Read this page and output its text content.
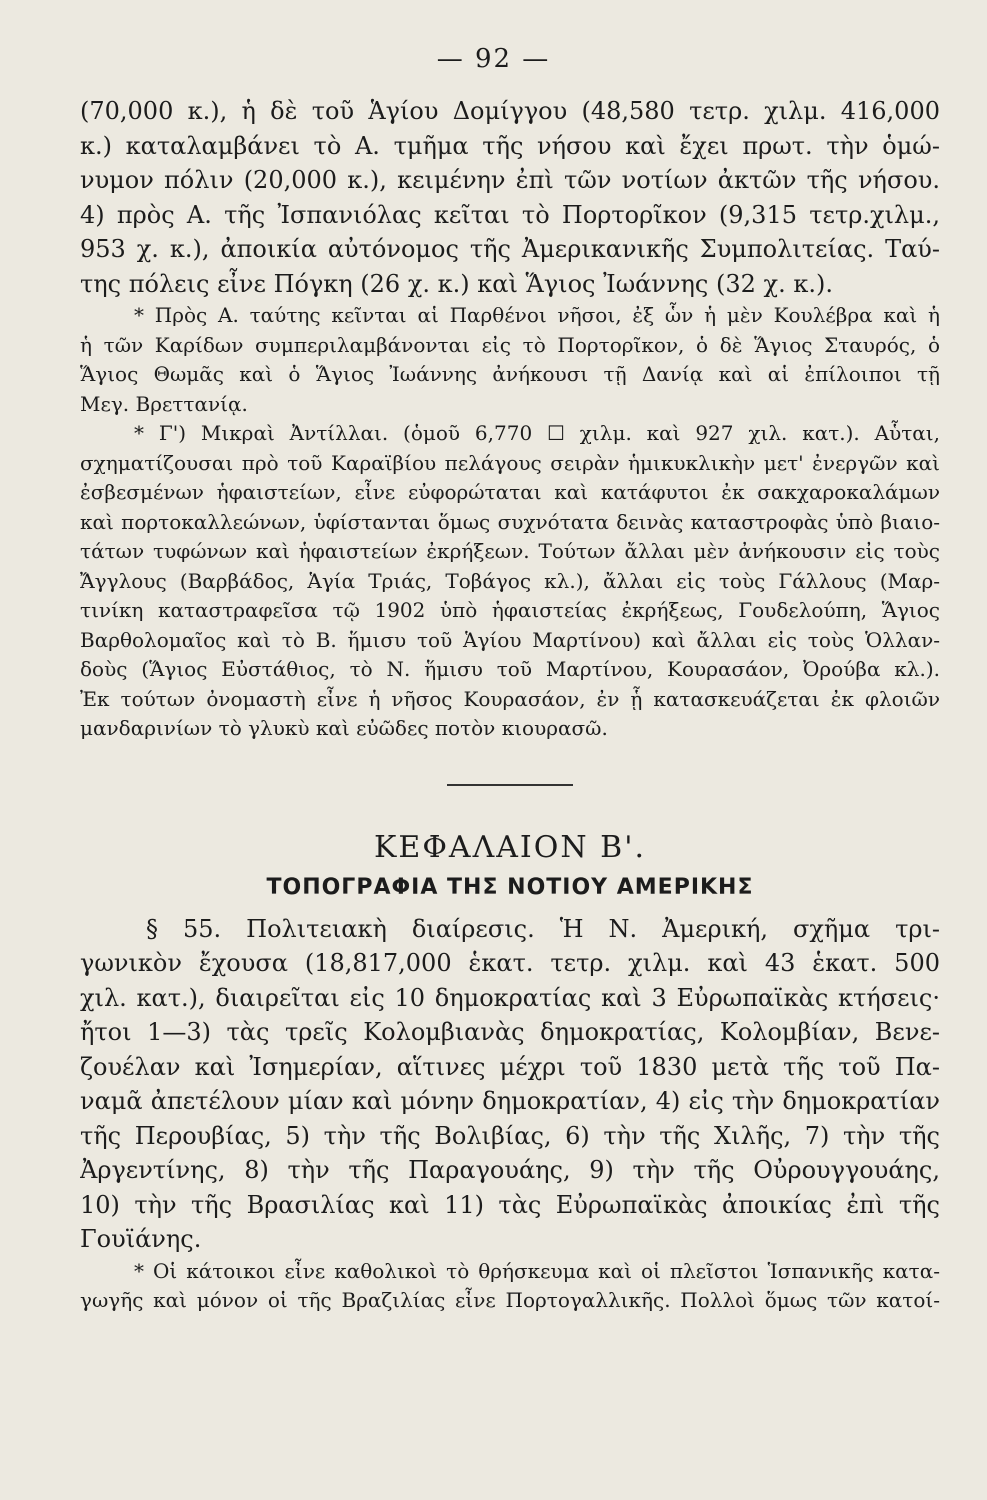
— 92 —
(70,000 κ.), ἡ δὲ τοῦ Ἁγίου Δομίγγου (48,580 τετρ. χιλμ. 416,000
κ.) καταλαμβάνει τὸ Α. τμῆμα τῆς νήσου καὶ ἔχει πρωτ. τὴν ὁμώ-
νυμον πόλιν (20,000 κ.), κειμένην ἐπὶ τῶν νοτίων ἀκτῶν τῆς νήσου.
4) πρὸς Α. τῆς Ἰσπανιόλας κεῖται τὸ Πορτορῖκον (9,315 τετρ.χιλμ.,
953 χ. κ.), ἀποικία αὐτόνομος τῆς Ἀμερικανικῆς Συμπολιτείας. Ταύ-
της πόλεις εἶνε Πόγκη (26 χ. κ.) καὶ Ἅγιος Ἰωάννης (32 χ. κ.).
* Πρὸς Α. ταύτης κεῖνται αἱ Παρθένοι νῆσοι, ἐξ ὧν ἡ μὲν Κουλέβρα καὶ ἡ
ἡ τῶν Καρίδων συμπεριλαμβάνονται εἰς τὸ Πορτορῖκον, ὁ δὲ Ἅγιος Σταυρός, ὁ
Ἅγιος Θωμᾶς καὶ ὁ Ἅγιος Ἰωάννης ἀνήκουσι τῇ Δανίᾳ καὶ αἱ ἐπίλοιποι τῇ
Μεγ. Βρεττανίᾳ.
* Γ') Μικραὶ Ἀντίλλαι. (ὁμοῦ 6,770 ☐ χιλμ. καὶ 927 χιλ. κατ.). Αὗται,
σχηματίζουσαι πρὸ τοῦ Καραϊβίου πελάγους σειρὰν ἡμικυκλικὴν μετ' ἐνεργῶν καὶ
ἐσβεσμένων ἡφαιστείων, εἶνε εὐφορώταται καὶ κατάφυτοι ἐκ σακχαροκαλάμων
καὶ πορτοκαλλεώνων, ὑφίστανται ὅμως συχνότατα δεινὰς καταστροφὰς ὑπὸ βιαιο-
τάτων τυφώνων καὶ ἡφαιστείων ἐκρήξεων. Τούτων ἄλλαι μὲν ἀνήκουσιν εἰς τοὺς
Ἄγγλους (Βαρβάδος, Ἁγία Τριάς, Τοβάγος κλ.), ἄλλαι εἰς τοὺς Γάλλους (Μαρ-
τινίκη καταστραφεῖσα τῷ 1902 ὑπὸ ἡφαιστείας ἐκρήξεως, Γουδελούπη, Ἅγιος
Βαρθολομαῖος καὶ τὸ Β. ἥμισυ τοῦ Ἁγίου Μαρτίνου) καὶ ἄλλαι εἰς τοὺς Ὁλλαν-
δοὺς (Ἅγιος Εὐστάθιος, τὸ Ν. ἥμισυ τοῦ Μαρτίνου, Κουρασάον, Ὀρούβα κλ.).
Ἐκ τούτων ὀνομαστὴ εἶνε ἡ νῆσος Κουρασάον, ἐν ᾗ κατασκευάζεται ἐκ φλοιῶν
μανδαρινίων τὸ γλυκὺ καὶ εὐῶδες ποτὸν κιουρασῶ.
ΚΕΦΑΛΑΙΟΝ Β'.
ΤΟΠΟΓΡΑΦΙΑ ΤΗΣ ΝΟΤΙΟΥ ΑΜΕΡΙΚΗΣ
§ 55. Πολιτειακὴ διαίρεσις. Ἡ Ν. Ἀμερική, σχῆμα τρι-
γωνικὸν ἔχουσα (18,817,000 ἑκατ. τετρ. χιλμ. καὶ 43 ἑκατ. 500
χιλ. κατ.), διαιρεῖται εἰς 10 δημοκρατίας καὶ 3 Εὐρωπαϊκὰς κτήσεις·
ἤτοι 1—3) τὰς τρεῖς Κολομβιανὰς δημοκρατίας, Κολομβίαν, Βενε-
ζουέλαν καὶ Ἰσημερίαν, αἵτινες μέχρι τοῦ 1830 μετὰ τῆς τοῦ Πα-
ναμᾶ ἀπετέλουν μίαν καὶ μόνην δημοκρατίαν, 4) εἰς τὴν δημοκρατίαν
τῆς Περουβίας, 5) τὴν τῆς Βολιβίας, 6) τὴν τῆς Χιλῆς, 7) τὴν τῆς
Ἀργεντίνης, 8) τὴν τῆς Παραγουάης, 9) τὴν τῆς Οὐρουγγουάης,
10) τὴν τῆς Βρασιλίας καὶ 11) τὰς Εὐρωπαϊκὰς ἀποικίας ἐπὶ τῆς
Γουϊάνης.
* Οἱ κάτοικοι εἶνε καθολικοὶ τὸ θρήσκευμα καὶ οἱ πλεῖστοι Ἱσπανικῆς κατα-
γωγῆς καὶ μόνον οἱ τῆς Βραζιλίας εἶνε Πορτογαλλικῆς. Πολλοὶ ὅμως τῶν κατοί-
